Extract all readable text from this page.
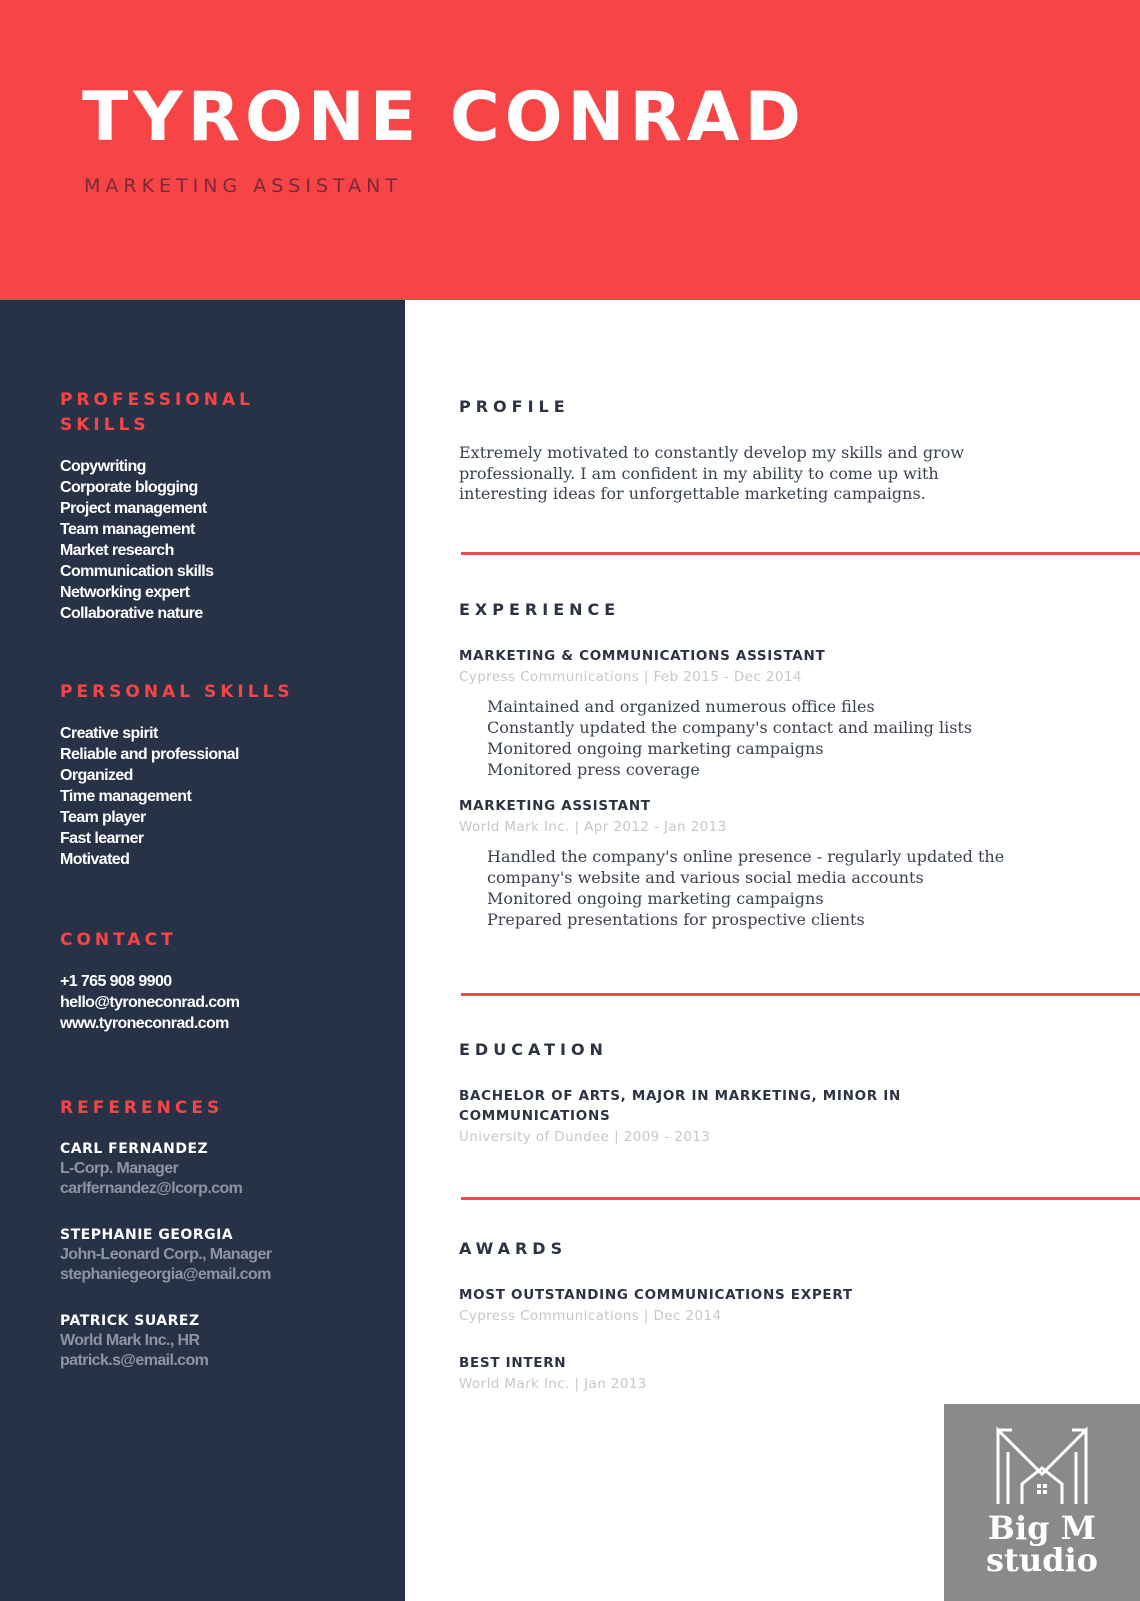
TYRONE CONRAD
MARKETING ASSISTANT
PROFESSIONAL
SKILLS
Copywriting
Corporate blogging
Project management
Team management
Market research
Communication skills
Networking expert
Collaborative nature
PERSONAL SKILLS
Creative spirit
Reliable and professional
Organized
Time management
Team player
Fast learner
Motivated
CONTACT
+1 765 908 9900
hello@tyroneconrad.com
www.tyroneconrad.com
REFERENCES
CARL FERNANDEZ
L-Corp. Manager
carlfernandez@lcorp.com
STEPHANIE GEORGIA
John-Leonard Corp., Manager
stephaniegeorgia@email.com
PATRICK SUAREZ
World Mark Inc., HR
patrick.s@email.com
PROFILE

Extremely motivated to constantly develop my skills and grow
professionally. I am confident in my ability to come up with
interesting ideas for unforgettable marketing campaigns.

EXPERIENCE
MARKETING & COMMUNICATIONS ASSISTANT
Cypress Communications | Feb 2015 - Dec 2014
Maintained and organized numerous office files
Constantly updated the company's contact and mailing lists
Monitored ongoing marketing campaigns
Monitored press coverage
MARKETING ASSISTANT
World Mark Inc. | Apr 2012 - Jan 2013
Handled the company's online presence - regularly updated the
company's website and various social media accounts
Monitored ongoing marketing campaigns
Prepared presentations for prospective clients
EDUCATION
BACHELOR OF ARTS, MAJOR IN MARKETING, MINOR IN
COMMUNICATIONS
University of Dundee | 2009 - 2013
AWARDS
MOST OUTSTANDING COMMUNICATIONS EXPERT
Cypress Communications | Dec 2014
BEST INTERN
World Mark Inc. | Jan 2013
Big M
studio
